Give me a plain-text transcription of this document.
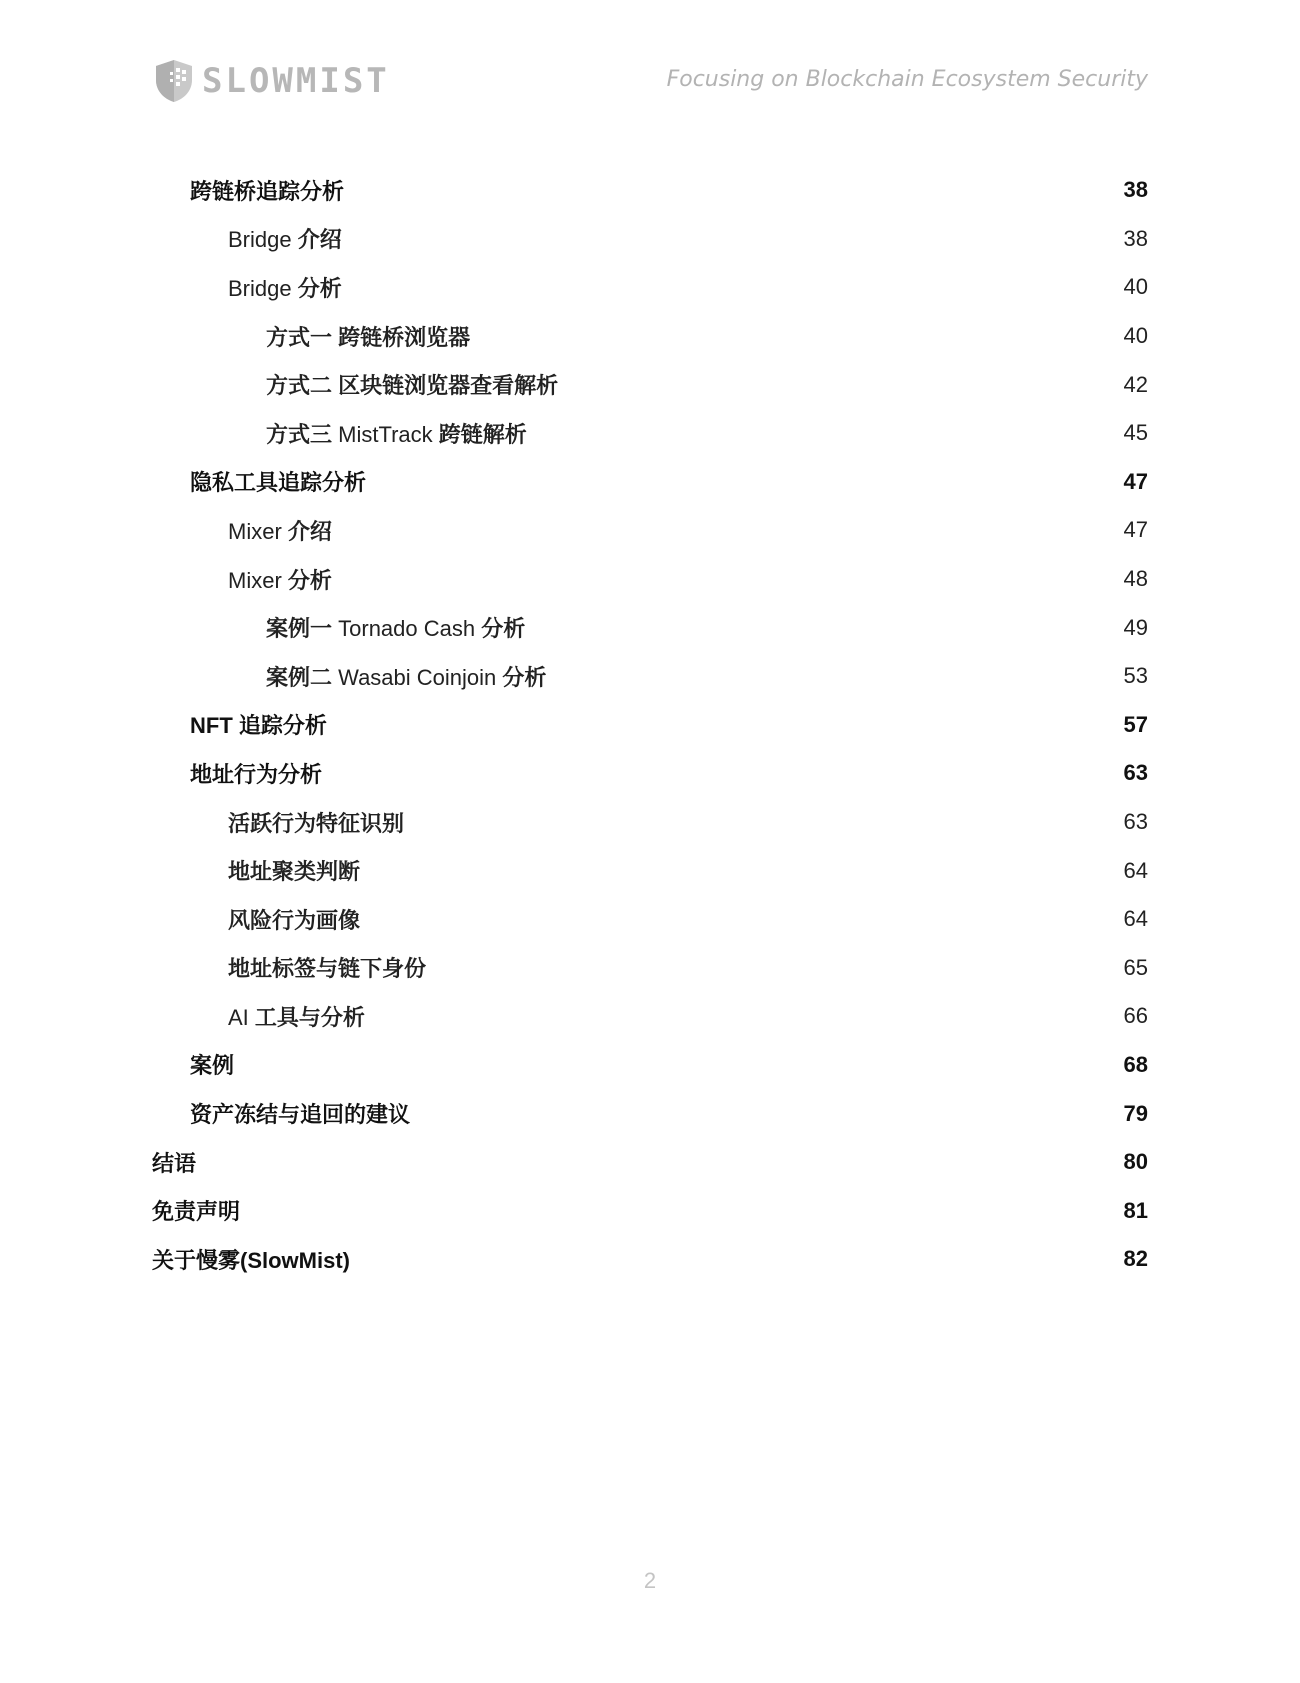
SLOWMIST	Focusing on Blockchain Ecosystem Security
跨链桥追踪分析	38
Bridge 介绍	38
Bridge 分析	40
方式一 跨链桥浏览器	40
方式二 区块链浏览器查看解析	42
方式三 MistTrack 跨链解析	45
隐私工具追踪分析	47
Mixer 介绍	47
Mixer 分析	48
案例一 Tornado Cash 分析	49
案例二 Wasabi Coinjoin 分析	53
NFT 追踪分析	57
地址行为分析	63
活跃行为特征识别	63
地址聚类判断	64
风险行为画像	64
地址标签与链下身份	65
AI 工具与分析	66
案例	68
资产冻结与追回的建议	79
结语	80
免责声明	81
关于慢雾(SlowMist)	82
2
